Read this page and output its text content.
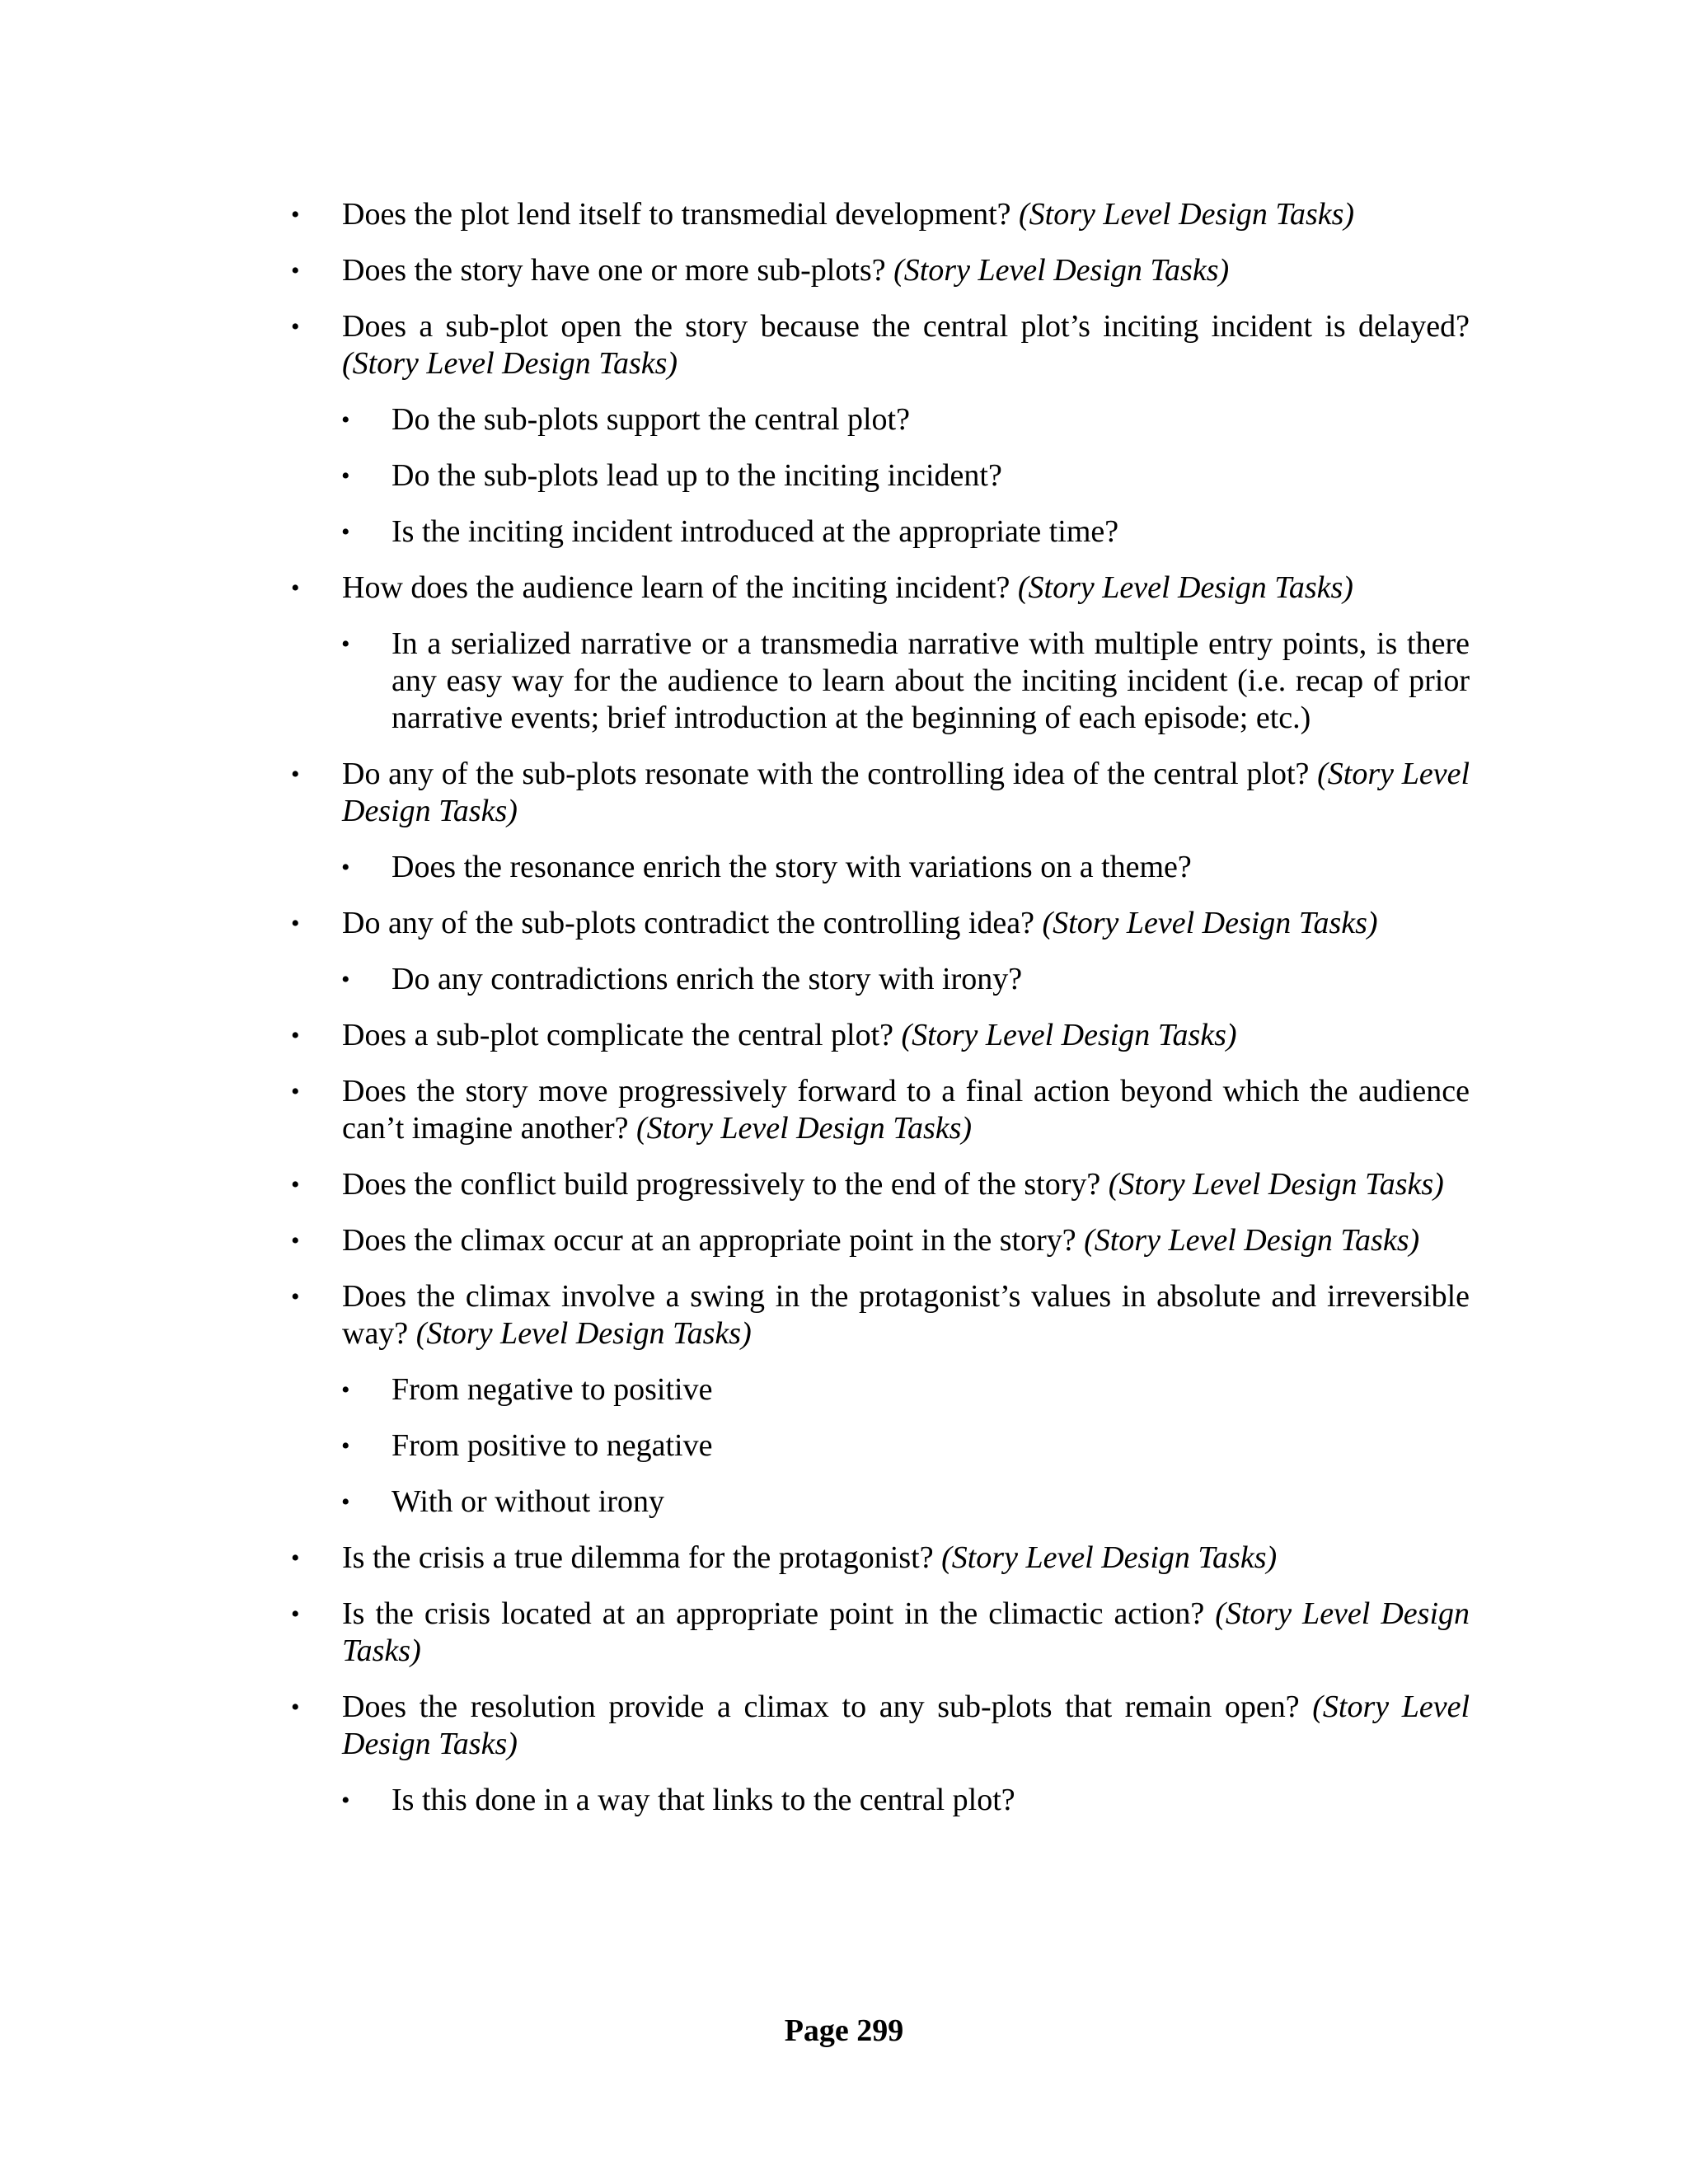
• Does the plot lend itself to transmedial development? (Story Level Design Tasks)
• Does the story have one or more sub-plots? (Story Level Design Tasks)
• Does a sub-plot open the story because the central plot’s inciting incident is delayed? (Story Level Design Tasks)
• Do the sub-plots support the central plot?
• Do the sub-plots lead up to the inciting incident?
• Is the inciting incident introduced at the appropriate time?
• How does the audience learn of the inciting incident? (Story Level Design Tasks)
• In a serialized narrative or a transmedia narrative with multiple entry points, is there any easy way for the audience to learn about the inciting incident (i.e. recap of prior narrative events; brief introduction at the beginning of each episode; etc.)
• Do any of the sub-plots resonate with the controlling idea of the central plot? (Story Level Design Tasks)
• Does the resonance enrich the story with variations on a theme?
• Do any of the sub-plots contradict the controlling idea? (Story Level Design Tasks)
• Do any contradictions enrich the story with irony?
• Does a sub-plot complicate the central plot? (Story Level Design Tasks)
• Does the story move progressively forward to a final action beyond which the audience can’t imagine another? (Story Level Design Tasks)
• Does the conflict build progressively to the end of the story? (Story Level Design Tasks)
• Does the climax occur at an appropriate point in the story? (Story Level Design Tasks)
• Does the climax involve a swing in the protagonist’s values in absolute and irreversible way? (Story Level Design Tasks)
• From negative to positive
• From positive to negative
• With or without irony
• Is the crisis a true dilemma for the protagonist? (Story Level Design Tasks)
• Is the crisis located at an appropriate point in the climactic action? (Story Level Design Tasks)
• Does the resolution provide a climax to any sub-plots that remain open? (Story Level Design Tasks)
• Is this done in a way that links to the central plot?
Page 299
